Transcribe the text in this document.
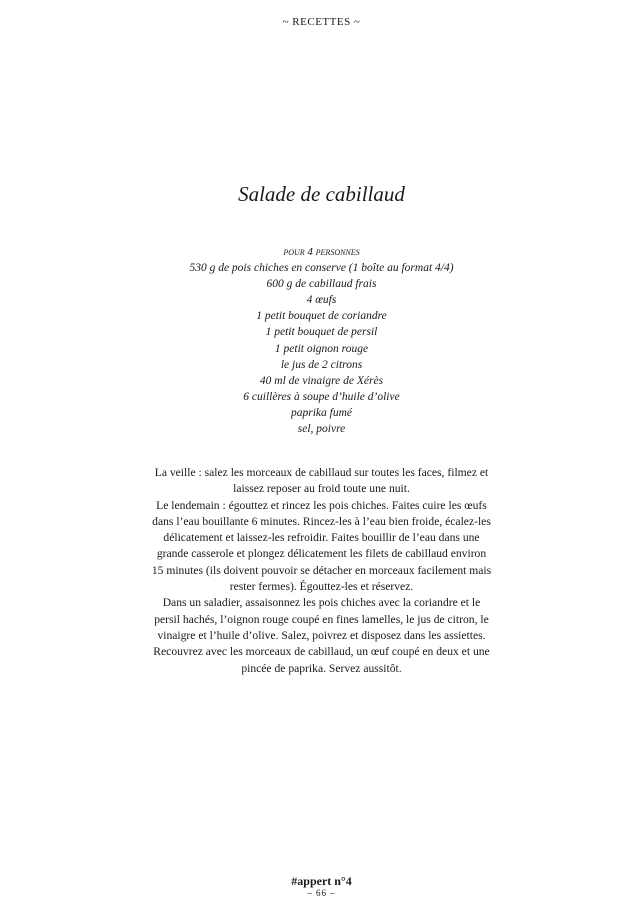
~ RECETTES ~
Salade de cabillaud
pour 4 personnes
530 g de pois chiches en conserve (1 boîte au format 4/4)
600 g de cabillaud frais
4 œufs
1 petit bouquet de coriandre
1 petit bouquet de persil
1 petit oignon rouge
le jus de 2 citrons
40 ml de vinaigre de Xérès
6 cuillères à soupe d’huile d’olive
paprika fumé
sel, poivre

La veille : salez les morceaux de cabillaud sur toutes les faces, filmez et laissez reposer au froid toute une nuit.

Le lendemain : égouttez et rincez les pois chiches. Faites cuire les œufs dans l’eau bouillante 6 minutes. Rincez-les à l’eau bien froide, écalez-les délicatement et laissez-les refroidir. Faites bouillir de l’eau dans une grande casserole et plongez délicatement les filets de cabillaud environ 15 minutes (ils doivent pouvoir se détacher en morceaux facilement mais rester fermes). Égouttez-les et réservez.

Dans un saladier, assaisonnez les pois chiches avec la coriandre et le persil hachés, l’oignon rouge coupé en fines lamelles, le jus de citron, le vinaigre et l’huile d’olive. Salez, poivrez et disposez dans les assiettes. Recouvrez avec les morceaux de cabillaud, un œuf coupé en deux et une pincée de paprika. Servez aussitôt.

#appert n°4
– 66 –
